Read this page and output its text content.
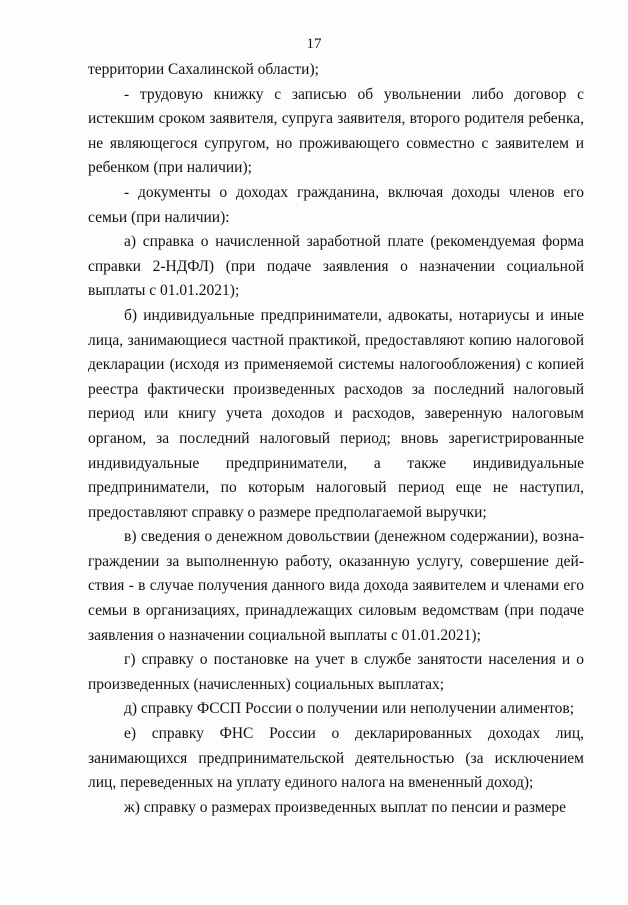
17

территории Сахалинской области);

- трудовую книжку с записью об увольнении либо договор с истекшим сроком заявителя, супруга заявителя, второго родителя ребенка, не являющегося супругом, но проживающего совместно с заявителем и ребенком (при наличии);

- документы о доходах гражданина, включая доходы членов его семьи (при наличии):

а) справка о начисленной заработной плате (рекомендуемая форма справки 2-НДФЛ) (при подаче заявления о назначении социальной выплаты с 01.01.2021);

б) индивидуальные предприниматели, адвокаты, нотариусы и иные лица, занимающиеся частной практикой, предоставляют копию налоговой декларации (исходя из применяемой системы налогообложения) с копией реестра фактически произведенных расходов за последний налоговый период или книгу учета доходов и расходов, заверенную налоговым органом, за последний налоговый период; вновь зарегистрированные индивидуальные предприниматели, а также индивидуальные предприниматели, по которым налоговый период еще не наступил, предоставляют справку о размере предполагаемой выручки;

в) сведения о денежном довольствии (денежном содержании), вознаграждении за выполненную работу, оказанную услугу, совершение действия - в случае получения данного вида дохода заявителем и членами его семьи в организациях, принадлежащих силовым ведомствам (при подаче заявления о назначении социальной выплаты с 01.01.2021);

г) справку о постановке на учет в службе занятости населения и о произведенных (начисленных) социальных выплатах;

д) справку ФССП России о получении или неполучении алиментов;

е) справку ФНС России о декларированных доходах лиц, занимающихся предпринимательской деятельностью (за исключением лиц, переведенных на уплату единого налога на вмененный доход);

ж) справку о размерах произведенных выплат по пенсии и размере
